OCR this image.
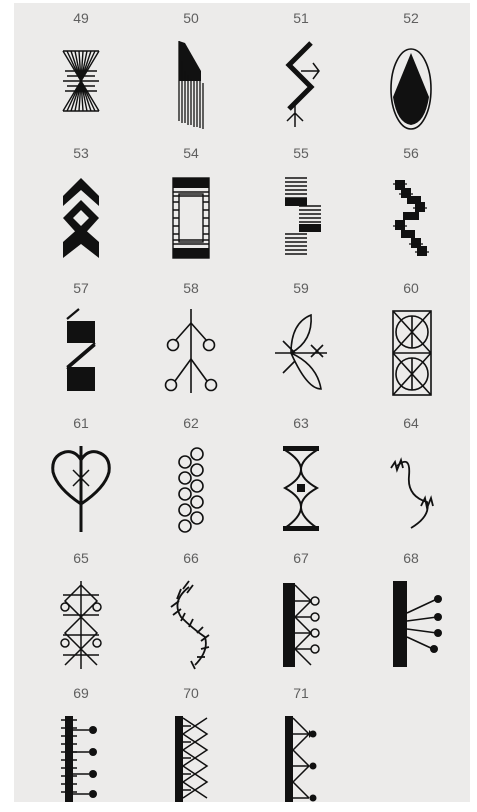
49	50	51	52
53	54	55	56
57	58	59	60
61	62	63	64
65	66	67	68
69	70	71
